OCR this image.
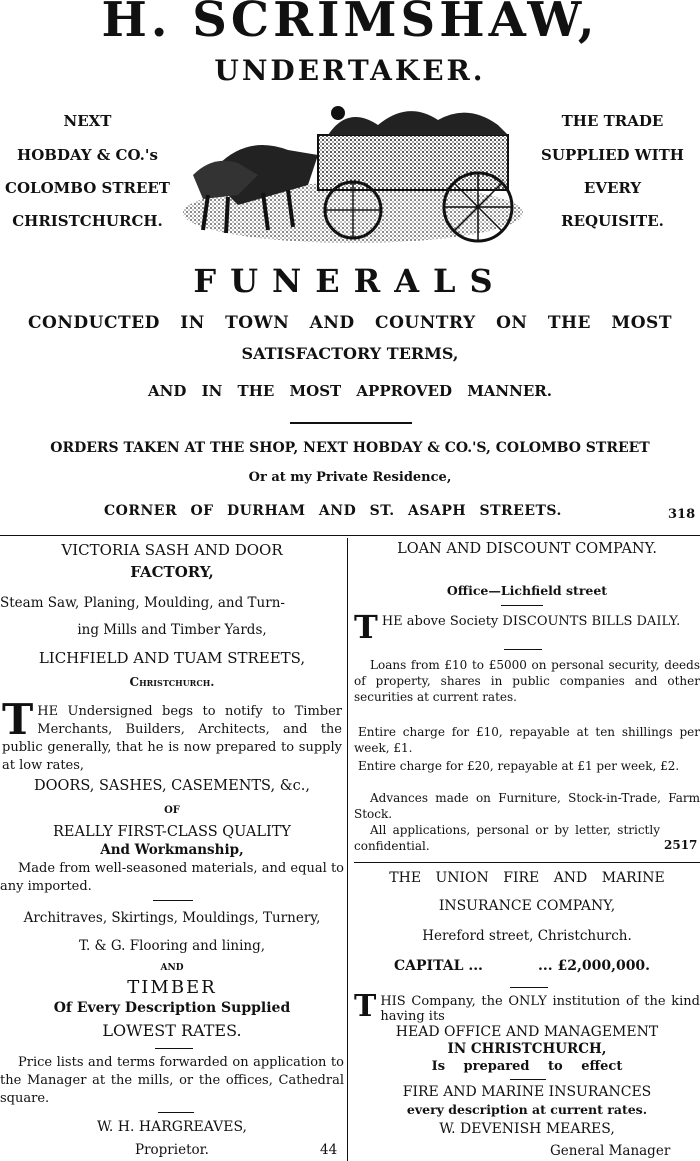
H. SCRIMSHAW,
UNDERTAKER.
NEXT
HOBDAY & CO.'s
COLOMBO STREET
CHRISTCHURCH.
THE TRADE
SUPPLIED WITH
EVERY
REQUISITE.
FUNERALS
CONDUCTED IN TOWN AND COUNTRY ON THE MOST
SATISFACTORY TERMS,
AND IN THE MOST APPROVED MANNER.
ORDERS TAKEN AT THE SHOP, NEXT HOBDAY & CO.'S, COLOMBO STREET
Or at my Private Residence,
CORNER OF DURHAM AND ST. ASAPH STREETS.	318
VICTORIA SASH AND DOOR
FACTORY,
Steam Saw, Planing, Moulding, and Turn-
ing Mills and Timber Yards,
LICHFIELD AND TUAM STREETS,
Christchurch.
THE Undersigned begs to notify to Timber Merchants, Builders, Architects, and the public generally, that he is now prepared to supply at low rates,
DOORS, SASHES, CASEMENTS, &c.,
OF
REALLY FIRST-CLASS QUALITY
And Workmanship,
Made from well-seasoned materials, and equal to any imported.
Architraves, Skirtings, Mouldings, Turnery,
T. & G. Flooring and lining,
AND
TIMBER
Of Every Description Supplied
LOWEST RATES.
Price lists and terms forwarded on application to the Manager at the mills, or the offices, Cathedral square.
W. H. HARGREAVES,
Proprietor.	44
LOAN AND DISCOUNT COMPANY.
Office—Lichfield street
THE above Society DISCOUNTS BILLS DAILY.
Loans from £10 to £5000 on personal security, deeds of property, shares in public companies and other securities at current rates.
Entire charge for £10, repayable at ten shillings per week, £1.
Entire charge for £20, repayable at £1 per week, £2.
Advances made on Furniture, Stock-in-Trade, Farm Stock.
All applications, personal or by letter, strictly confidential.	2517
THE UNION FIRE AND MARINE
INSURANCE COMPANY,
Hereford street, Christchurch.
CAPITAL ...	... £2,000,000.
THIS Company, the ONLY institution of the kind having its
HEAD OFFICE AND MANAGEMENT
IN CHRISTCHURCH,
Is prepared to effect
FIRE AND MARINE INSURANCES
every description at current rates.
W. DEVENISH MEARES,
General Manager
